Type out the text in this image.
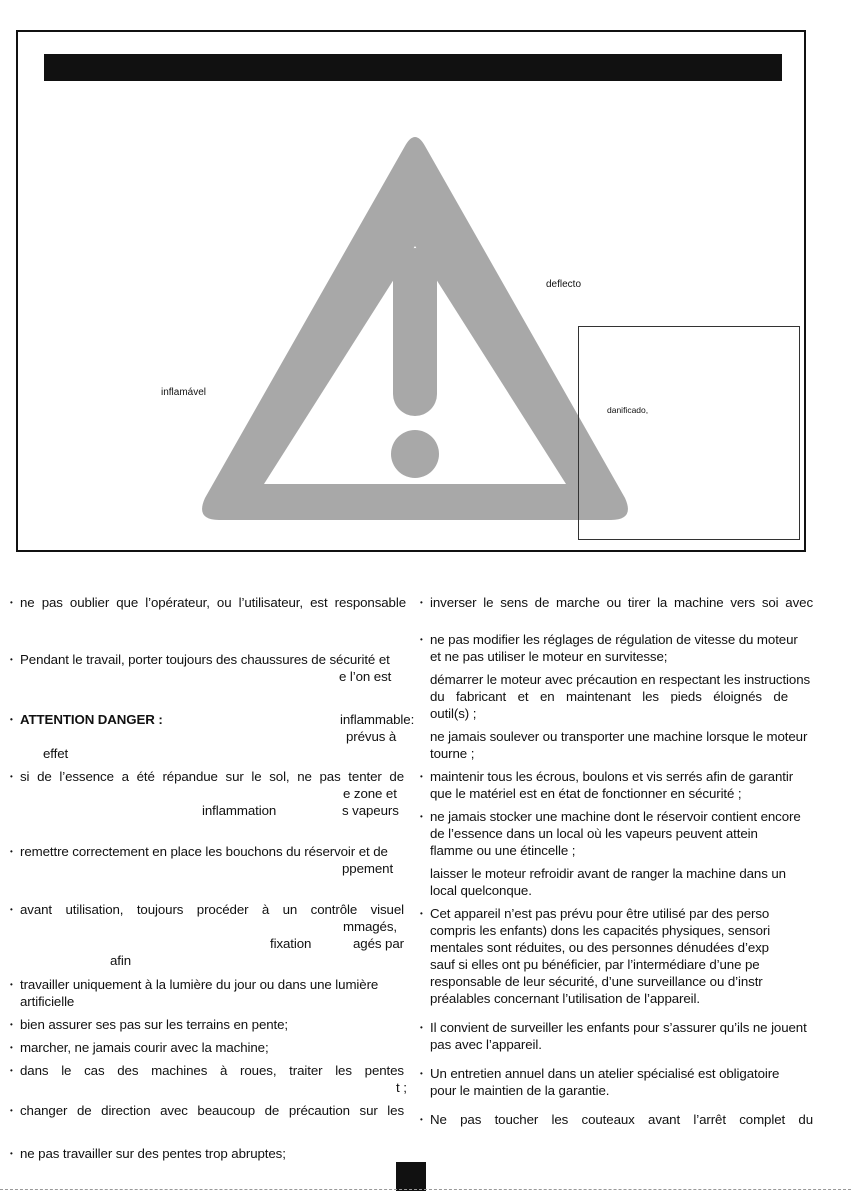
deflecto
inflamável
danificado,
• ne pas oublier que l’opérateur, ou l’utilisateur, est responsable
• Pendant le travail, porter toujours des chaussures de sécurité et
e l’on est
• ATTENTION DANGER :	inflammable:
prévus à
effet
• si de l’essence a été répandue sur le sol, ne pas tenter de
e zone et
inflammation	s vapeurs
• remettre correctement en place les bouchons du réservoir et de
ppement
• avant utilisation, toujours procéder à un contrôle visuel
mmagés,
fixation	agés par
afin
• travailler uniquement à la lumière du jour ou dans une lumière
artificielle
• bien assurer ses pas sur les terrains en pente;
• marcher, ne jamais courir avec la machine;
• dans le cas des machines à roues, traiter les pentes
t ;
• changer de direction avec beaucoup de précaution sur les
• ne pas travailler sur des pentes trop abruptes;
• inverser le sens de marche ou tirer la machine vers soi avec
• ne pas modifier les réglages de régulation de vitesse du moteur
et ne pas utiliser le moteur en survitesse;
démarrer le moteur avec précaution en respectant les instructions
du fabricant et en maintenant les pieds éloignés de
outil(s) ;
ne jamais soulever ou transporter une machine lorsque le moteur
tourne ;
• maintenir tous les écrous, boulons et vis serrés afin de garantir
que le matériel est en état de fonctionner en sécurité ;
• ne jamais stocker une machine dont le réservoir contient encore
de l’essence dans un local où les vapeurs peuvent attein
flamme ou une étincelle ;
laisser le moteur refroidir avant de ranger la machine dans un
local quelconque.
• Cet appareil n’est pas prévu pour être utilisé par des perso
compris les enfants) dons les capacités physiques, sensori
mentales sont réduites, ou des personnes dénudées d’exp
sauf si elles ont pu bénéficier, par l’intermédiare d’une pe
responsable de leur sécurité, d’une surveillance ou d’instr
préalables concernant l’utilisation de l’appareil.
• Il convient de surveiller les enfants pour s’assurer qu’ils ne jouent
pas avec l’appareil.
• Un entretien annuel dans un atelier spécialisé est obligatoire
pour le maintien de la garantie.
• Ne pas toucher les couteaux avant l’arrêt complet du
